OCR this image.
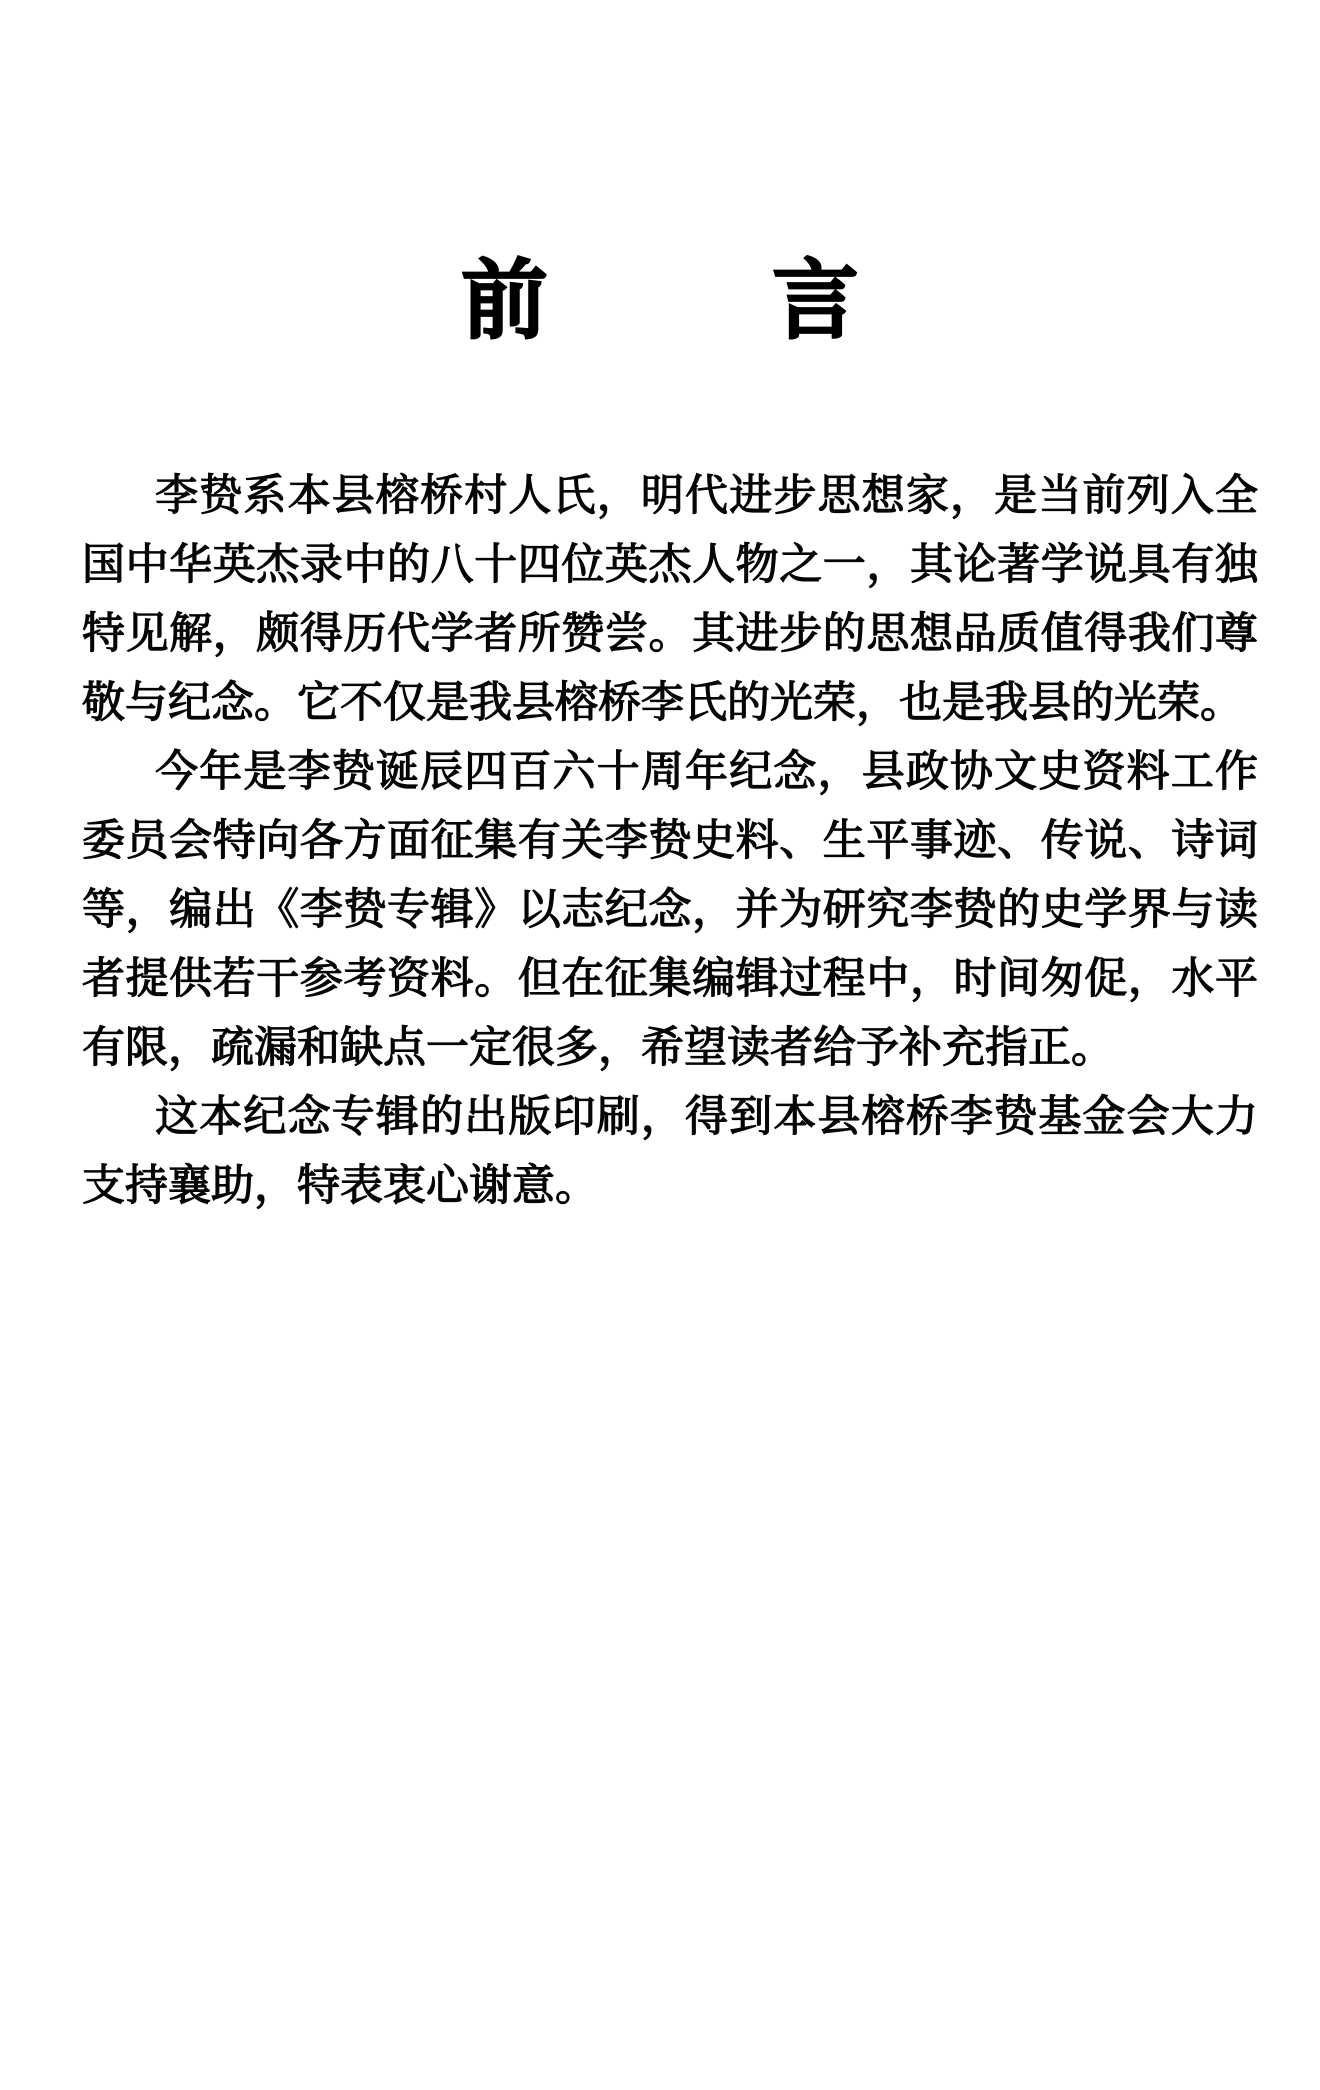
前	言

李贽系本县榕桥村人氏，明代进步思想家，是当前列入全国中华英杰录中的八十四位英杰人物之一，其论著学说具有独特见解，颇得历代学者所赞尝。其进步的思想品质值得我们尊敬与纪念。它不仅是我县榕桥李氏的光荣，也是我县的光荣。

今年是李贽诞辰四百六十周年纪念，县政协文史资料工作委员会特向各方面征集有关李贽史料、生平事迹、传说、诗词等，编出《李贽专辑》以志纪念，并为研究李贽的史学界与读者提供若干参考资料。但在征集编辑过程中，时间匆促，水平有限，疏漏和缺点一定很多，希望读者给予补充指正。

这本纪念专辑的出版印刷，得到本县榕桥李贽基金会大力支持襄助，特表衷心谢意。
